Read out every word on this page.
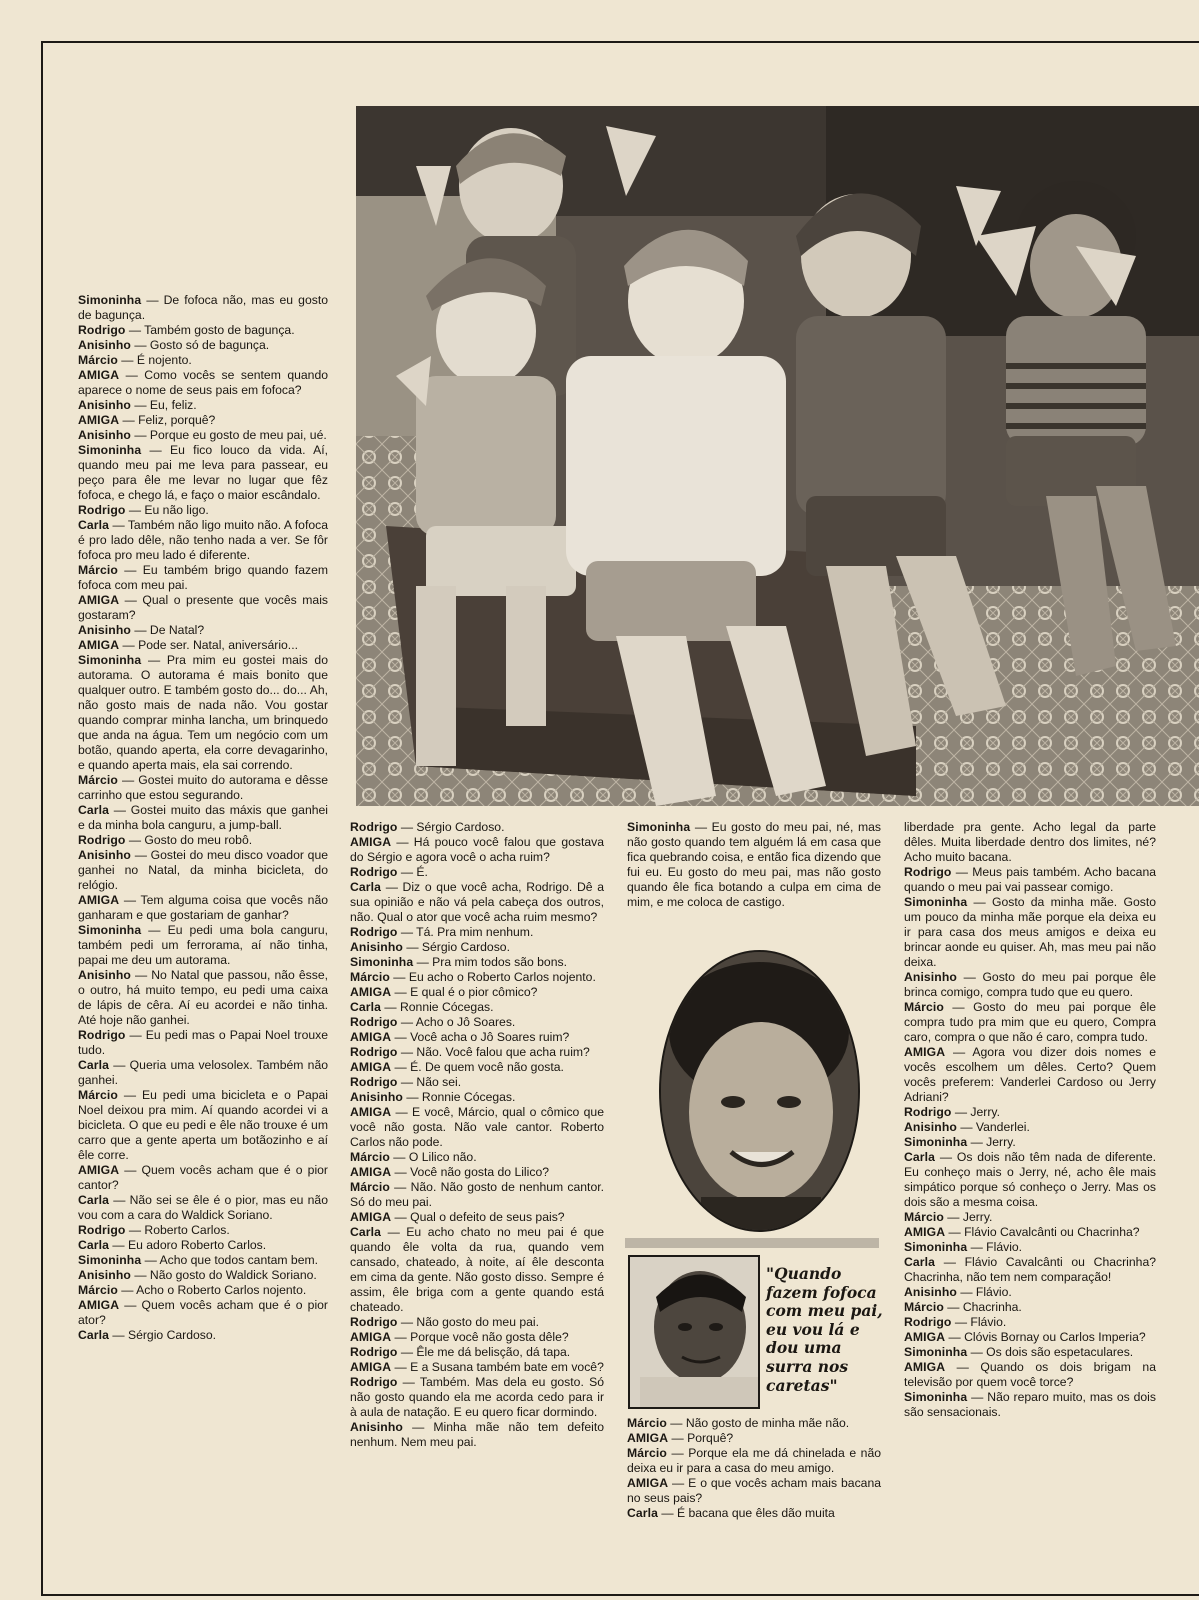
Simoninha — De fofoca não, mas eu gosto de bagunça.

Rodrigo — Também gosto de bagunça.

Anisinho — Gosto só de bagunça.

Márcio — É nojento.

AMIGA — Como vocês se sentem quando aparece o nome de seus pais em fofoca?

Anisinho — Eu, feliz.

AMIGA — Feliz, porquê?

Anisinho — Porque eu gosto de meu pai, ué.

Simoninha — Eu fico louco da vida. Aí, quando meu pai me leva para passear, eu peço para êle me levar no lugar que fêz fofoca, e chego lá, e faço o maior escândalo.

Rodrigo — Eu não ligo.

Carla — Também não ligo muito não. A fofoca é pro lado dêle, não tenho nada a ver. Se fôr fofoca pro meu lado é diferente.

Márcio — Eu também brigo quando fazem fofoca com meu pai.

AMIGA — Qual o presente que vocês mais gostaram?

Anisinho — De Natal?

AMIGA — Pode ser. Natal, aniversário...

Simoninha — Pra mim eu gostei mais do autorama. O autorama é mais bonito que qualquer outro. E também gosto do... do... Ah, não gosto mais de nada não. Vou gostar quando comprar minha lancha, um brinquedo que anda na água. Tem um negócio com um botão, quando aperta, ela corre devagarinho, e quando aperta mais, ela sai correndo.

Márcio — Gostei muito do autorama e dêsse carrinho que estou segurando.

Carla — Gostei muito das máxis que ganhei e da minha bola canguru, a jump-ball.

Rodrigo — Gosto do meu robô.

Anisinho — Gostei do meu disco voador que ganhei no Natal, da minha bicicleta, do relógio.

AMIGA — Tem alguma coisa que vocês não ganharam e que gostariam de ganhar?

Simoninha — Eu pedi uma bola canguru, também pedi um ferrorama, aí não tinha, papai me deu um autorama.

Anisinho — No Natal que passou, não êsse, o outro, há muito tempo, eu pedi uma caixa de lápis de cêra. Aí eu acordei e não tinha. Até hoje não ganhei.

Rodrigo — Eu pedi mas o Papai Noel trouxe tudo.

Carla — Queria uma velosolex. Também não ganhei.

Márcio — Eu pedi uma bicicleta e o Papai Noel deixou pra mim. Aí quando acordei vi a bicicleta. O que eu pedi e êle não trouxe é um carro que a gente aperta um botãozinho e aí êle corre.

AMIGA — Quem vocês acham que é o pior cantor?

Carla — Não sei se êle é o pior, mas eu não vou com a cara do Waldick Soriano.

Rodrigo — Roberto Carlos.

Carla — Eu adoro Roberto Carlos.

Simoninha — Acho que todos cantam bem.

Anisinho — Não gosto do Waldick Soriano.

Márcio — Acho o Roberto Carlos nojento.

AMIGA — Quem vocês acham que é o pior ator?

Carla — Sérgio Cardoso.

Rodrigo — Sérgio Cardoso.

AMIGA — Há pouco você falou que gostava do Sérgio e agora você o acha ruim?

Rodrigo — É.

Carla — Diz o que você acha, Rodrigo. Dê a sua opinião e não vá pela cabeça dos outros, não. Qual o ator que você acha ruim mesmo?

Rodrigo — Tá. Pra mim nenhum.

Anisinho — Sérgio Cardoso.

Simoninha — Pra mim todos são bons.

Márcio — Eu acho o Roberto Carlos nojento.

AMIGA — E qual é o pior cômico?

Carla — Ronnie Cócegas.

Rodrigo — Acho o Jô Soares.

AMIGA — Você acha o Jô Soares ruim?

Rodrigo — Não. Você falou que acha ruim?

AMIGA — É. De quem você não gosta.

Rodrigo — Não sei.

Anisinho — Ronnie Cócegas.

AMIGA — E você, Márcio, qual o cômico que você não gosta. Não vale cantor. Roberto Carlos não pode.

Márcio — O Lilico não.

AMIGA — Você não gosta do Lilico?

Márcio — Não. Não gosto de nenhum cantor. Só do meu pai.

AMIGA — Qual o defeito de seus pais?

Carla — Eu acho chato no meu pai é que quando êle volta da rua, quando vem cansado, chateado, à noite, aí êle desconta em cima da gente. Não gosto disso. Sempre é assim, êle briga com a gente quando está chateado.

Rodrigo — Não gosto do meu pai.

AMIGA — Porque você não gosta dêle?

Rodrigo — Êle me dá belisção, dá tapa.

AMIGA — E a Susana também bate em você?

Rodrigo — Também. Mas dela eu gosto. Só não gosto quando ela me acorda cedo para ir à aula de natação. E eu quero ficar dormindo.

Anisinho — Minha mãe não tem defeito nenhum. Nem meu pai.

Simoninha — Eu gosto do meu pai, né, mas não gosto quando tem alguém lá em casa que fica quebrando coisa, e então fica dizendo que fui eu. Eu gosto do meu pai, mas não gosto quando êle fica botando a culpa em cima de mim, e me coloca de castigo.

"Quando fazem fofoca com meu pai, eu vou lá e dou uma surra nos caretas"

Márcio — Não gosto de minha mãe não.

AMIGA — Porquê?

Márcio — Porque ela me dá chinelada e não deixa eu ir para a casa do meu amigo.

AMIGA — E o que vocês acham mais bacana no seus pais?

Carla — É bacana que êles dão muita

liberdade pra gente. Acho legal da parte dêles. Muita liberdade dentro dos limites, né? Acho muito bacana.

Rodrigo — Meus pais também. Acho bacana quando o meu pai vai passear comigo.

Simoninha — Gosto da minha mãe. Gosto um pouco da minha mãe porque ela deixa eu ir para casa dos meus amigos e deixa eu brincar aonde eu quiser. Ah, mas meu pai não deixa.

Anisinho — Gosto do meu pai porque êle brinca comigo, compra tudo que eu quero.

Márcio — Gosto do meu pai porque êle compra tudo pra mim que eu quero, Compra caro, compra o que não é caro, compra tudo.

AMIGA — Agora vou dizer dois nomes e vocês escolhem um dêles. Certo? Quem vocês preferem: Vanderlei Cardoso ou Jerry Adriani?

Rodrigo — Jerry.

Anisinho — Vanderlei.

Simoninha — Jerry.

Carla — Os dois não têm nada de diferente. Eu conheço mais o Jerry, né, acho êle mais simpático porque só conheço o Jerry. Mas os dois são a mesma coisa.

Márcio — Jerry.

AMIGA — Flávio Cavalcânti ou Chacrinha?

Simoninha — Flávio.

Carla — Flávio Cavalcânti ou Chacrinha? Chacrinha, não tem nem comparação!

Anisinho — Flávio.

Márcio — Chacrinha.

Rodrigo — Flávio.

AMIGA — Clóvis Bornay ou Carlos Imperia?

Simoninha — Os dois são espetaculares.

AMIGA — Quando os dois brigam na televisão por quem você torce?

Simoninha — Não reparo muito, mas os dois são sensacionais.
